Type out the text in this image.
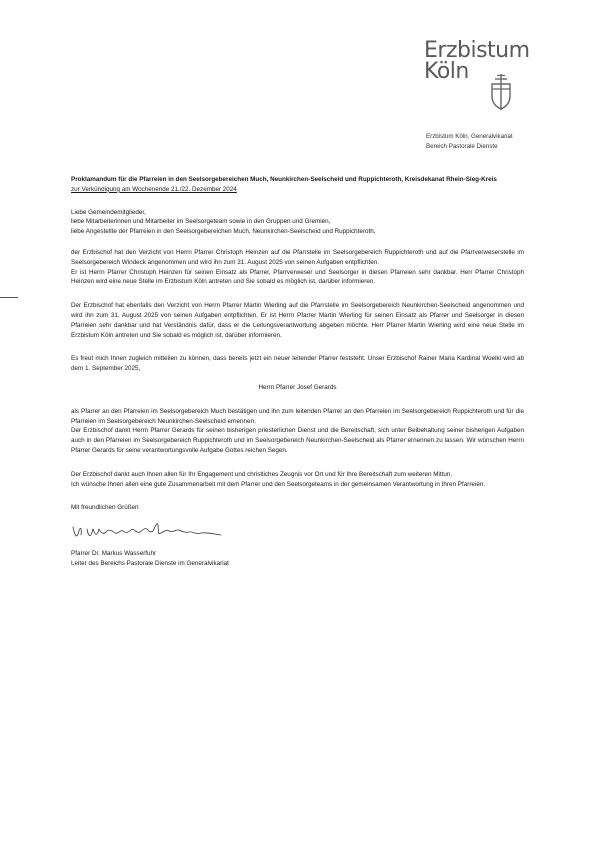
Erzbistum
Köln
Erzbistum Köln, Generalvikariat
Bereich Pastorale Dienste

Proklamandum für die Pfarreien in den Seelsorgebereichen Much, Neunkirchen-Seelscheid und Ruppichteroth, Kreisdekanat Rhein-Sieg-Kreis

zur Verkündigung am Wochenende 21./22. Dezember 2024

Liebe Gemeindemitglieder,
liebe Mitarbeiterinnen und Mitarbeiter im Seelsorgeteam sowie in den Gruppen und Gremien,
liebe Angestellte der Pfarreien in den Seelsorgebereichen Much, Neunkirchen-Seelscheid und Ruppichteroth,

der Erzbischof hat den Verzicht von Herrn Pfarrer Christoph Heinzen auf die Pfarrstelle im Seelsorgebereich Ruppichteroth und auf die Pfarrverweserstelle im Seelsorgebereich Windeck angenommen und wird ihn zum 31. August 2025 von seinen Aufgaben entpflichten.

Er ist Herrn Pfarrer Christoph Heinzen für seinen Einsatz als Pfarrer, Pfarrverweser und Seelsorger in diesen Pfarreien sehr dankbar. Herr Pfarrer Christoph Heinzen wird eine neue Stelle im Erzbistum Köln antreten und Sie sobald es möglich ist, darüber informieren.

Der Erzbischof hat ebenfalls den Verzicht von Herrn Pfarrer Martin Wierling auf die Pfarrstelle im Seelsorgebereich Neunkirchen-Seelscheid angenommen und wird ihn zum 31. August 2025 von seinen Aufgaben entpflichten. Er ist Herrn Pfarrer Martin Wierling für seinen Einsatz als Pfarrer und Seelsorger in diesen Pfarreien sehr dankbar und hat Verständnis dafür, dass er die Leitungsverantwortung abgeben möchte. Herr Pfarrer Martin Wierling wird eine neue Stelle im Erzbistum Köln antreten und Sie sobald es möglich ist, darüber informieren.

Es freut mich Ihnen zugleich mitteilen zu können, dass bereits jetzt ein neuer leitender Pfarrer feststeht. Unser Erzbischof Rainer Maria Kardinal Woelki wird ab dem 1. September 2025,

Herrn Pfarrer Josef Gerards

als Pfarrer an den Pfarreien im Seelsorgebereich Much bestätigen und ihn zum leitenden Pfarrer an den Pfarreien im Seelsorgebereich Ruppichteroth und für die Pfarreien im Seelsorgebereich Neunkirchen-Seelscheid ernennen.

Der Erzbischof dankt Herrn Pfarrer Gerards für seinen bisherigen priesterlichen Dienst und die Bereitschaft, sich unter Beibehaltung seiner bisherigen Aufgaben auch in den Pfarreien im Seelsorgebereich Ruppichteroth und im Seelsorgebereich Neunkirchen-Seelscheid als Pfarrer ernennen zu lassen. Wir wünschen Herrn Pfarrer Gerards für seine verantwortungsvolle Aufgabe Gottes reichen Segen.

Der Erzbischof dankt auch Ihnen allen für Ihr Engagement und christliches Zeugnis vor Ort und für Ihre Bereitschaft zum weiteren Mittun.

Ich wünsche Ihnen allen eine gute Zusammenarbeit mit dem Pfarrer und den Seelsorgeteams in der gemeinsamen Verantwortung in Ihren Pfarreien.

Mit freundlichen Grüßen

Pfarrer Dr. Markus Wasserfuhr
Leiter des Bereichs Pastorale Dienste im Generalvikariat
